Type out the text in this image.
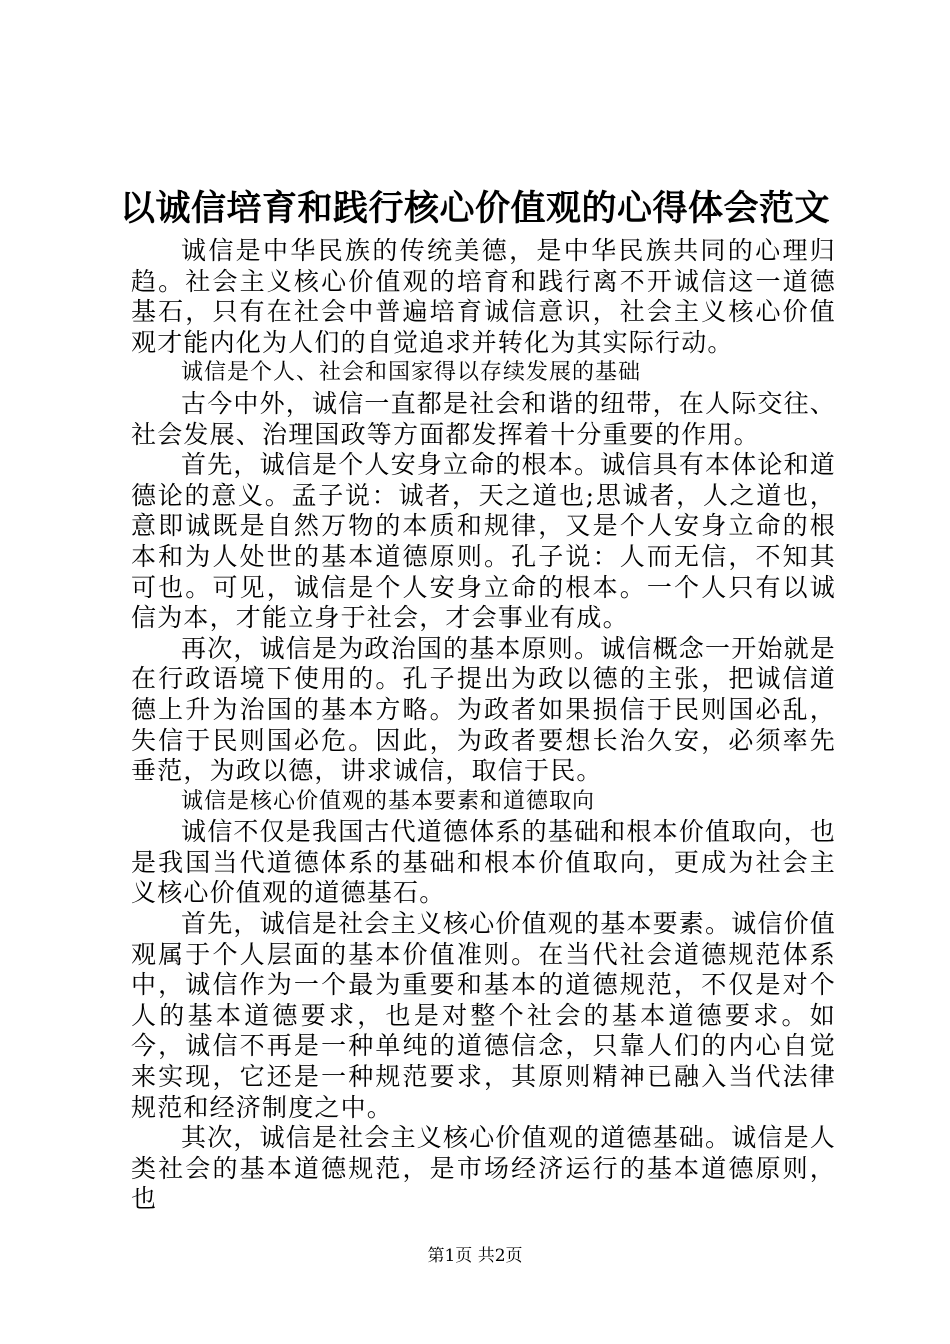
以诚信培育和践行核心价值观的心得体会范文

诚信是中华民族的传统美德，是中华民族共同的心理归趋。社会主义核心价值观的培育和践行离不开诚信这一道德基石，只有在社会中普遍培育诚信意识，社会主义核心价值观才能内化为人们的自觉追求并转化为其实际行动。

诚信是个人、社会和国家得以存续发展的基础

古今中外，诚信一直都是社会和谐的纽带，在人际交往、社会发展、治理国政等方面都发挥着十分重要的作用。

首先，诚信是个人安身立命的根本。诚信具有本体论和道德论的意义。孟子说：诚者，天之道也;思诚者，人之道也，意即诚既是自然万物的本质和规律，又是个人安身立命的根本和为人处世的基本道德原则。孔子说：人而无信，不知其可也。可见，诚信是个人安身立命的根本。一个人只有以诚信为本，才能立身于社会，才会事业有成。

再次，诚信是为政治国的基本原则。诚信概念一开始就是在行政语境下使用的。孔子提出为政以德的主张，把诚信道德上升为治国的基本方略。为政者如果损信于民则国必乱，失信于民则国必危。因此，为政者要想长治久安，必须率先垂范，为政以德，讲求诚信，取信于民。

诚信是核心价值观的基本要素和道德取向

诚信不仅是我国古代道德体系的基础和根本价值取向，也是我国当代道德体系的基础和根本价值取向，更成为社会主义核心价值观的道德基石。

首先，诚信是社会主义核心价值观的基本要素。诚信价值观属于个人层面的基本价值准则。在当代社会道德规范体系中，诚信作为一个最为重要和基本的道德规范，不仅是对个人的基本道德要求，也是对整个社会的基本道德要求。如今，诚信不再是一种单纯的道德信念，只靠人们的内心自觉来实现，它还是一种规范要求，其原则精神已融入当代法律规范和经济制度之中。

其次，诚信是社会主义核心价值观的道德基础。诚信是人类社会的基本道德规范，是市场经济运行的基本道德原则，也

第1页 共2页
